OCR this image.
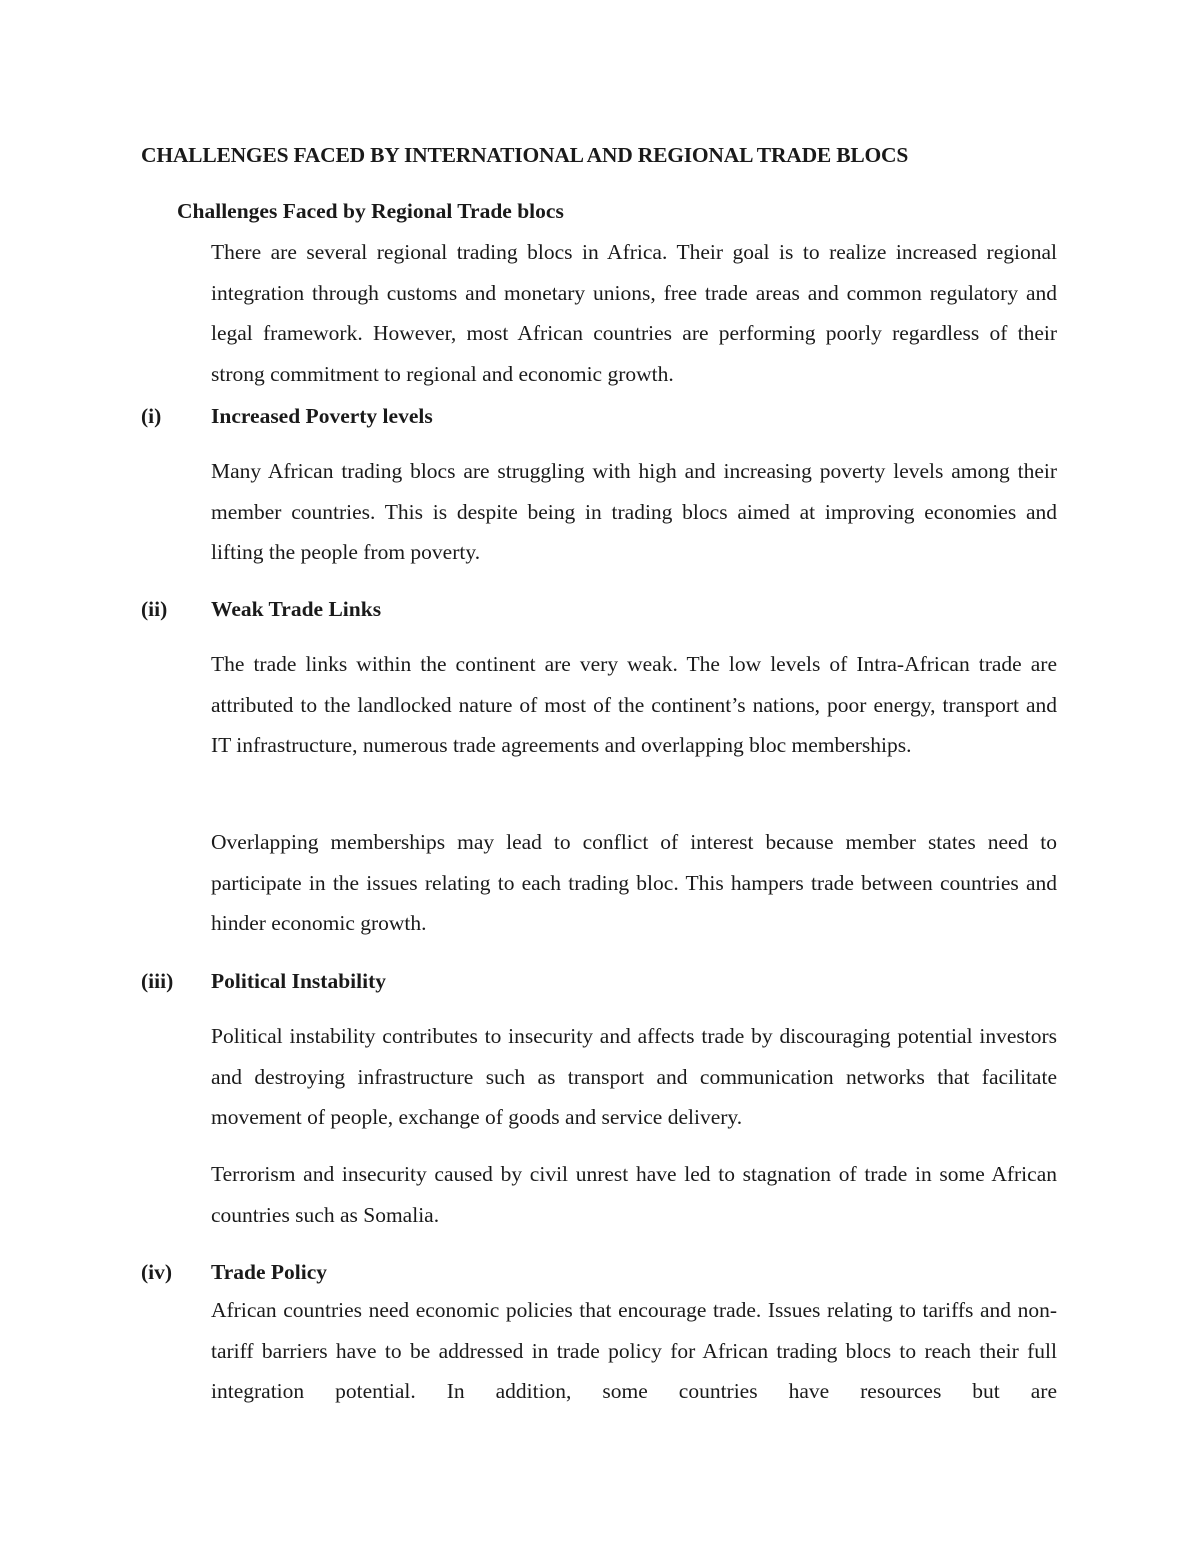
CHALLENGES FACED BY INTERNATIONAL AND REGIONAL TRADE BLOCS

Challenges Faced by Regional Trade blocs

There are several regional trading blocs in Africa. Their goal is to realize increased regional integration through customs and monetary unions, free trade areas and common regulatory and legal framework. However, most African countries are performing poorly regardless of their strong commitment to regional and economic growth.

(i) Increased Poverty levels

Many African trading blocs are struggling with high and increasing poverty levels among their member countries. This is despite being in trading blocs aimed at improving economies and lifting the people from poverty.

(ii) Weak Trade Links

The trade links within the continent are very weak. The low levels of Intra-African trade are attributed to the landlocked nature of most of the continent’s nations, poor energy, transport and IT infrastructure, numerous trade agreements and overlapping bloc memberships.

Overlapping memberships may lead to conflict of interest because member states need to participate in the issues relating to each trading bloc. This hampers trade between countries and hinder economic growth.

(iii) Political Instability

Political instability contributes to insecurity and affects trade by discouraging potential investors and destroying infrastructure such as transport and communication networks that facilitate movement of people, exchange of goods and service delivery.

Terrorism and insecurity caused by civil unrest have led to stagnation of trade in some African countries such as Somalia.

(iv) Trade Policy

African countries need economic policies that encourage trade. Issues relating to tariffs and non-tariff barriers have to be addressed in trade policy for African trading blocs to reach their full integration potential. In addition, some countries have resources but are
